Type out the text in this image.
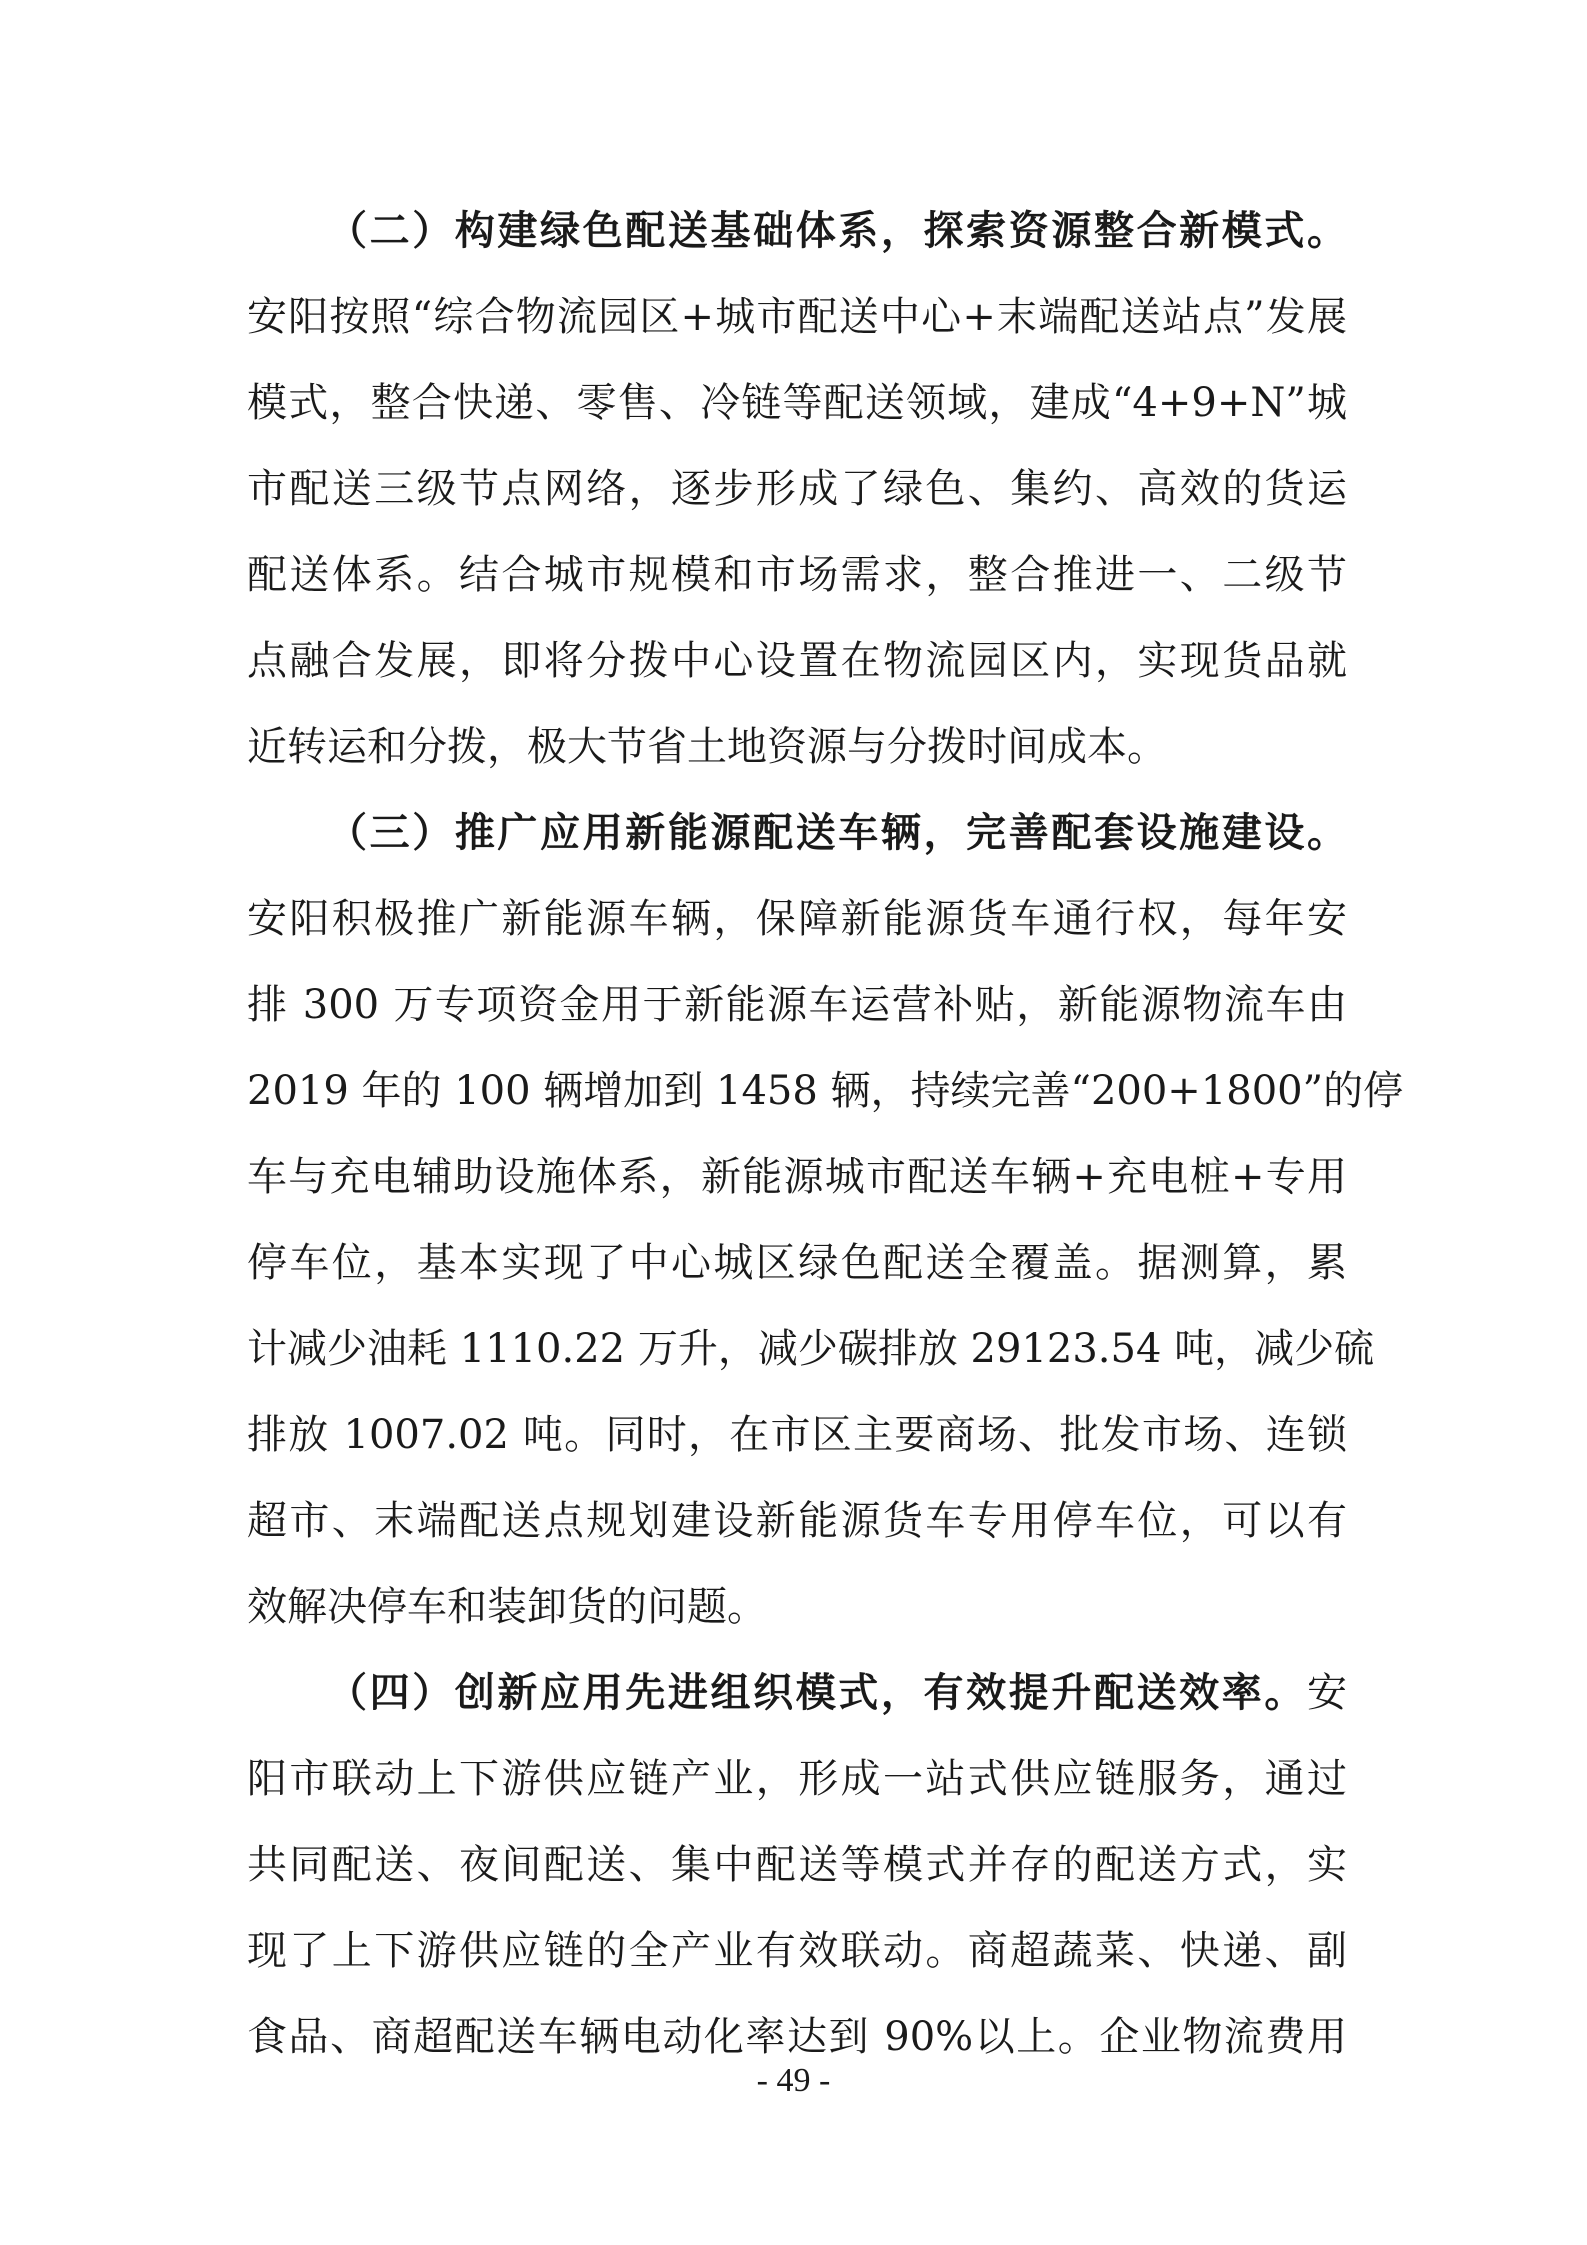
（二）构建绿色配送基础体系，探索资源整合新模式。
安阳按照“综合物流园区+城市配送中心+末端配送站点”发展
模式，整合快递、零售、冷链等配送领域，建成“4+9+N”城
市配送三级节点网络，逐步形成了绿色、集约、高效的货运
配送体系。结合城市规模和市场需求，整合推进一、二级节
点融合发展，即将分拨中心设置在物流园区内，实现货品就
近转运和分拨，极大节省土地资源与分拨时间成本。
（三）推广应用新能源配送车辆，完善配套设施建设。
安阳积极推广新能源车辆，保障新能源货车通行权，每年安
排 300 万专项资金用于新能源车运营补贴，新能源物流车由
2019 年的 100 辆增加到 1458 辆，持续完善“200+1800”的停
车与充电辅助设施体系，新能源城市配送车辆+充电桩+专用
停车位，基本实现了中心城区绿色配送全覆盖。据测算，累
计减少油耗 1110.22 万升，减少碳排放 29123.54 吨，减少硫
排放 1007.02 吨。同时，在市区主要商场、批发市场、连锁
超市、末端配送点规划建设新能源货车专用停车位，可以有
效解决停车和装卸货的问题。
（四）创新应用先进组织模式，有效提升配送效率。安
阳市联动上下游供应链产业，形成一站式供应链服务，通过
共同配送、夜间配送、集中配送等模式并存的配送方式，实
现了上下游供应链的全产业有效联动。商超蔬菜、快递、副
食品、商超配送车辆电动化率达到 90%以上。企业物流费用
- 49 -
